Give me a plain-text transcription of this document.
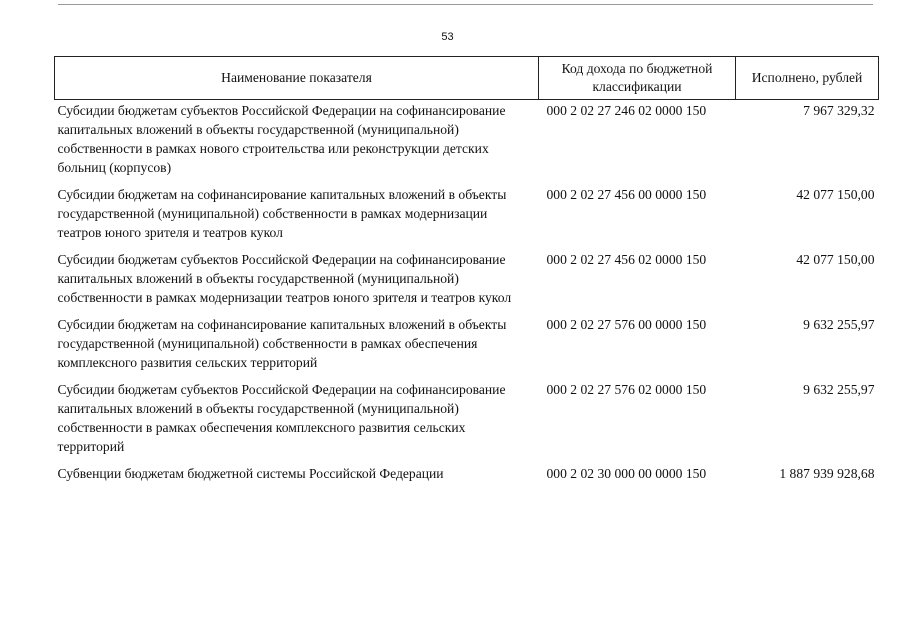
53
Наименование показателя	Код дохода по бюджетной классификации	Исполнено, рублей
Субсидии бюджетам субъектов Российской Федерации на софинансирование капитальных вложений в объекты государственной (муниципальной) собственности в рамках нового строительства или реконструкции детских больниц (корпусов)	000 2 02 27 246 02 0000 150	7 967 329,32
Субсидии бюджетам на софинансирование капитальных вложений в объекты государственной (муниципальной) собственности в рамках модернизации театров юного зрителя и театров кукол	000 2 02 27 456 00 0000 150	42 077 150,00
Субсидии бюджетам субъектов Российской Федерации на софинансирование капитальных вложений в объекты государственной (муниципальной) собственности в рамках модернизации театров юного зрителя и театров кукол	000 2 02 27 456 02 0000 150	42 077 150,00
Субсидии бюджетам на софинансирование капитальных вложений в объекты государственной (муниципальной) собственности в рамках обеспечения комплексного развития сельских территорий	000 2 02 27 576 00 0000 150	9 632 255,97
Субсидии бюджетам субъектов Российской Федерации на софинансирование капитальных вложений в объекты государственной (муниципальной) собственности в рамках обеспечения комплексного развития сельских территорий	000 2 02 27 576 02 0000 150	9 632 255,97
Субвенции бюджетам бюджетной системы Российской Федерации	000 2 02 30 000 00 0000 150	1 887 939 928,68
